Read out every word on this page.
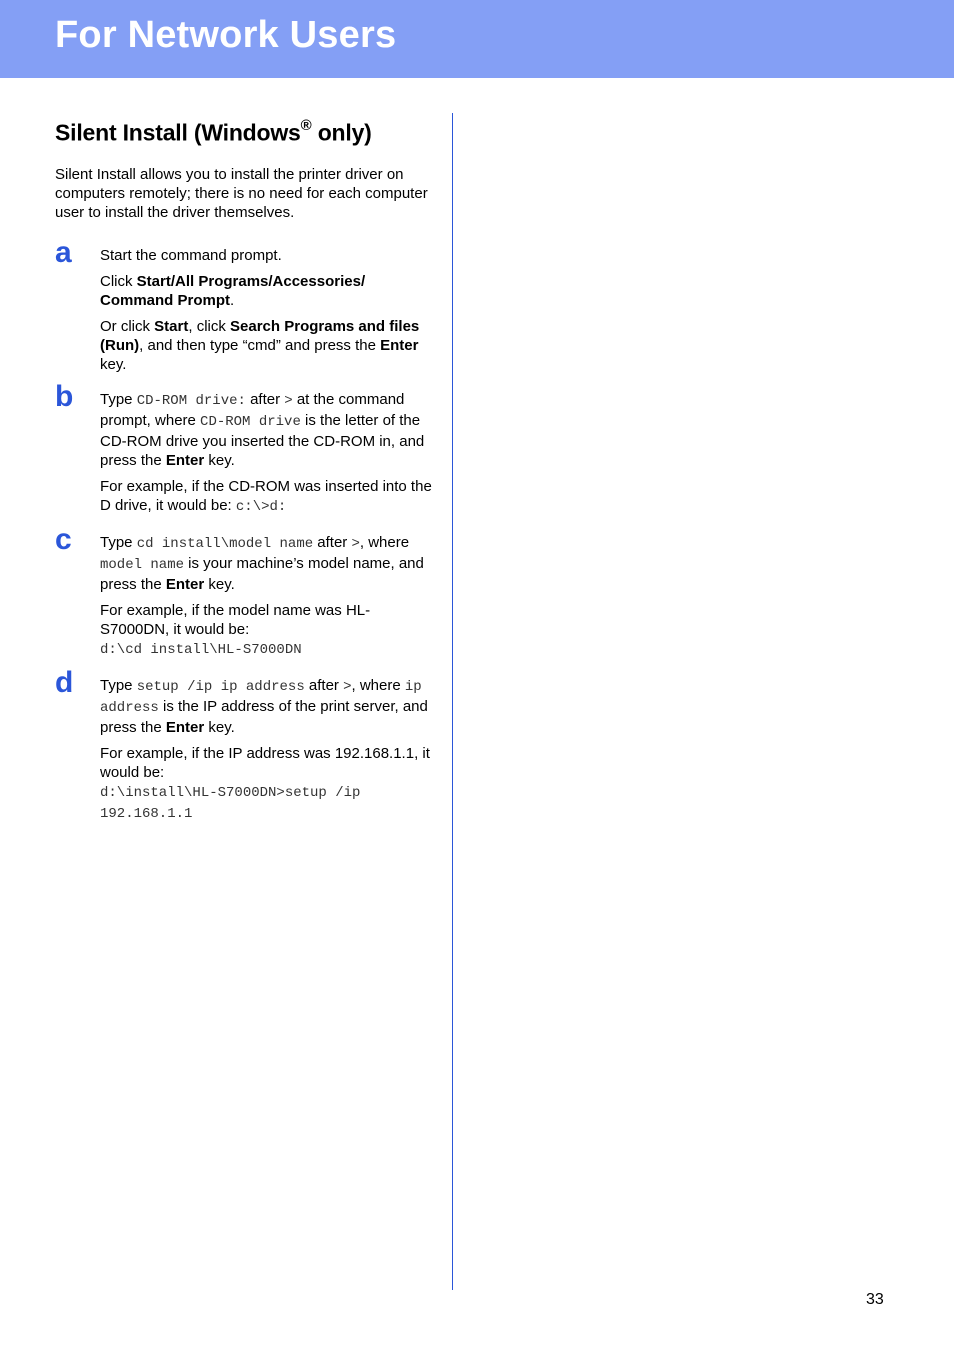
For Network Users
Silent Install (Windows® only)

Silent Install allows you to install the printer driver on computers remotely; there is no need for each computer user to install the driver themselves.

a Start the command prompt.

Click Start/All Programs/Accessories/ Command Prompt.

Or click Start, click Search Programs and files (Run), and then type “cmd” and press the Enter key.

b Type CD-ROM drive: after > at the command prompt, where CD-ROM drive is the letter of the CD-ROM drive you inserted the CD-ROM in, and press the Enter key.

For example, if the CD-ROM was inserted into the D drive, it would be: c:\>d:

c Type cd install\model name after >, where model name is your machine’s model name, and press the Enter key.

For example, if the model name was HL-S7000DN, it would be:
d:\cd install\HL-S7000DN

d Type setup /ip ip address after >, where ip address is the IP address of the print server, and press the Enter key.

For example, if the IP address was 192.168.1.1, it would be:
d:\install\HL-S7000DN>setup /ip 192.168.1.1

33
